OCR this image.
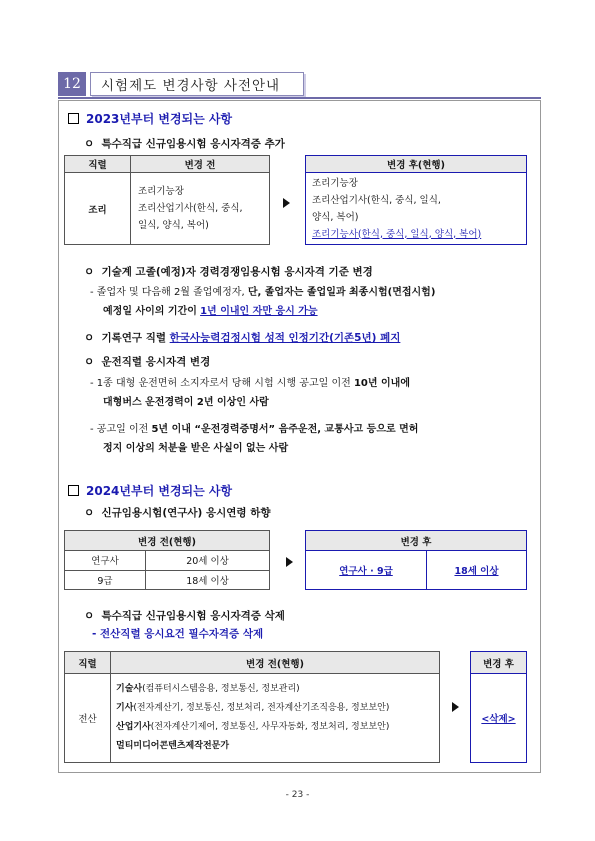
12	시험제도 변경사항 사전안내
2023년부터 변경되는 사항
ㅇ  특수직급 신규임용시험 응시자격증 추가
직렬	변경 전
조리	조리기능장
조리산업기사(한식, 중식,
일식, 양식, 복어)
변경 후(현행)

조리기능장
조리산업기사(한식, 중식, 일식,
양식, 복어)
조리기능사(한식, 중식, 일식, 양식, 복어)
ㅇ  기술계 고졸(예정)자 경력경쟁임용시험 응시자격 기준 변경
- 졸업자 및 다음해 2월 졸업예정자, 단, 졸업자는 졸업일과 최종시험(면접시험)
예정일 사이의 기간이 1년 이내인 자만 응시 가능
ㅇ  기록연구 직렬 한국사능력검정시험 성적 인정기간(기존5년) 폐지
ㅇ  운전직렬 응시자격 변경
- 1종 대형 운전면허 소지자로서 당해 시험 시행 공고일 이전 10년 이내에
대형버스 운전경력이 2년 이상인 사람
- 공고일 이전 5년 이내 “운전경력증명서” 음주운전, 교통사고 등으로 면허
정지 이상의 처분을 받은 사실이 없는 사람
2024년부터 변경되는 사항
ㅇ  신규임용시험(연구사) 응시연령 하향
변경 전(현행)	
연구사	20세 이상
9급	18세 이상
변경 후
연구사 · 9급	18세 이상
ㅇ  특수직급 신규임용시험 응시자격증 삭제
- 전산직렬 응시요건 필수자격증 삭제
직렬	변경 전(현행)
전산	기술사(컴퓨터시스템응용, 정보통신, 정보관리)
기사(전자계산기, 정보통신, 정보처리, 전자계산기조직응용, 정보보안)
산업기사(전자계산기제어, 정보통신, 사무자동화, 정보처리, 정보보안)
멀티미디어콘텐츠제작전문가
변경 후
<삭제>
- 23 -
